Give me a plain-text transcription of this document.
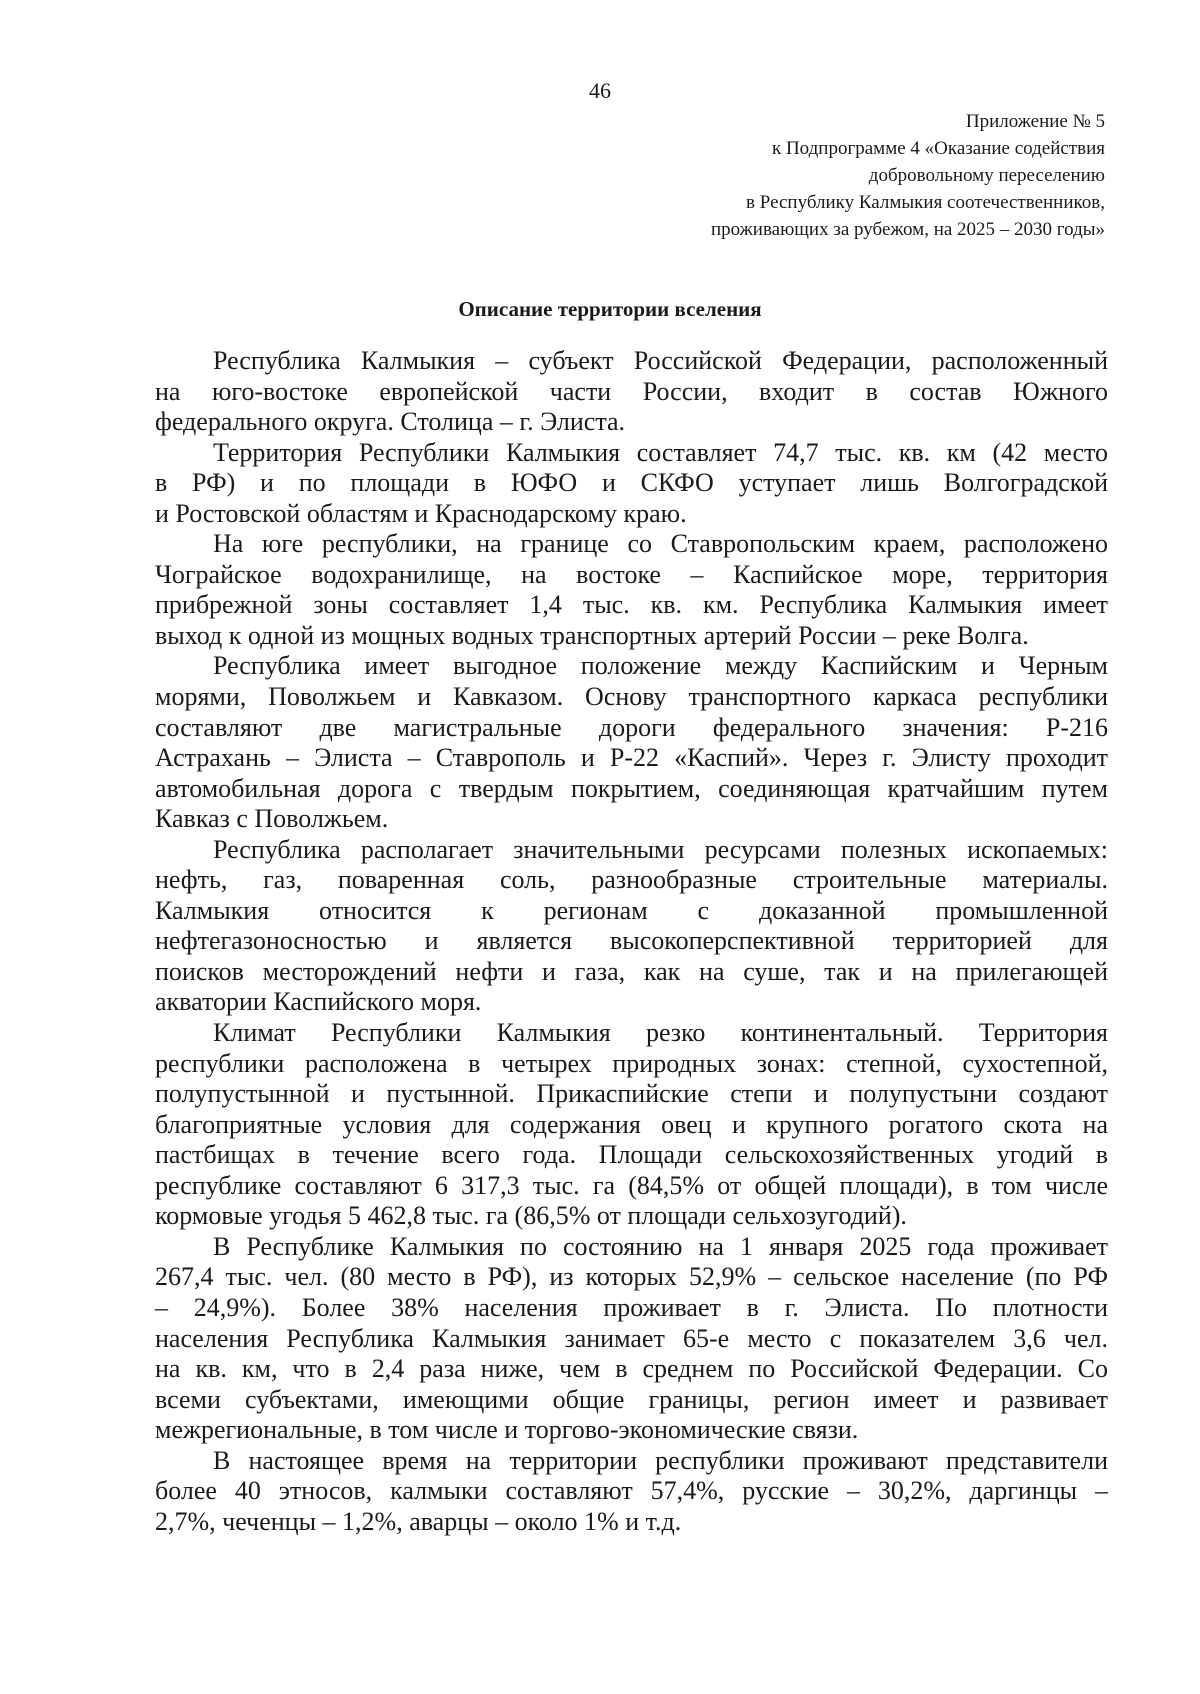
46
Приложение № 5
к Подпрограмме 4 «Оказание содействия
добровольному переселению
в Республику Калмыкия соотечественников,
проживающих за рубежом, на 2025 – 2030 годы»
Описание территории вселения
Республика Калмыкия – субъект Российской Федерации, расположенный
на юго-востоке европейской части России, входит в состав Южного
федерального округа. Столица – г. Элиста.
Территория Республики Калмыкия составляет 74,7 тыс. кв. км (42 место
в РФ) и по площади в ЮФО и СКФО уступает лишь Волгоградской
и Ростовской областям и Краснодарскому краю.
На юге республики, на границе со Ставропольским краем, расположено
Чограйское водохранилище, на востоке – Каспийское море, территория
прибрежной зоны составляет 1,4 тыс. кв. км. Республика Калмыкия имеет
выход к одной из мощных водных транспортных артерий России – реке Волга.
Республика имеет выгодное положение между Каспийским и Черным
морями, Поволжьем и Кавказом. Основу транспортного каркаса республики
составляют две магистральные дороги федерального значения: Р-216
Астрахань – Элиста – Ставрополь и Р-22 «Каспий». Через г. Элисту проходит
автомобильная дорога с твердым покрытием, соединяющая кратчайшим путем
Кавказ с Поволжьем.
Республика располагает значительными ресурсами полезных ископаемых:
нефть, газ, поваренная соль, разнообразные строительные материалы.
Калмыкия относится к регионам с доказанной промышленной
нефтегазоносностью и является высокоперспективной территорией для
поисков месторождений нефти и газа, как на суше, так и на прилегающей
акватории Каспийского моря.
Климат Республики Калмыкия резко континентальный. Территория
республики расположена в четырех природных зонах: степной, сухостепной,
полупустынной и пустынной. Прикаспийские степи и полупустыни создают
благоприятные условия для содержания овец и крупного рогатого скота на
пастбищах в течение всего года. Площади сельскохозяйственных угодий в
республике составляют 6 317,3 тыс. га (84,5% от общей площади), в том числе
кормовые угодья 5 462,8 тыс. га (86,5% от площади сельхозугодий).
В Республике Калмыкия по состоянию на 1 января 2025 года проживает
267,4 тыс. чел. (80 место в РФ), из которых 52,9% – сельское население (по РФ
– 24,9%). Более 38% населения проживает в г. Элиста. По плотности
населения Республика Калмыкия занимает 65-е место с показателем 3,6 чел.
на кв. км, что в 2,4 раза ниже, чем в среднем по Российской Федерации. Со
всеми субъектами, имеющими общие границы, регион имеет и развивает
межрегиональные, в том числе и торгово-экономические связи.
В настоящее время на территории республики проживают представители
более 40 этносов, калмыки составляют 57,4%, русские – 30,2%, даргинцы –
2,7%, чеченцы – 1,2%, аварцы – около 1% и т.д.
